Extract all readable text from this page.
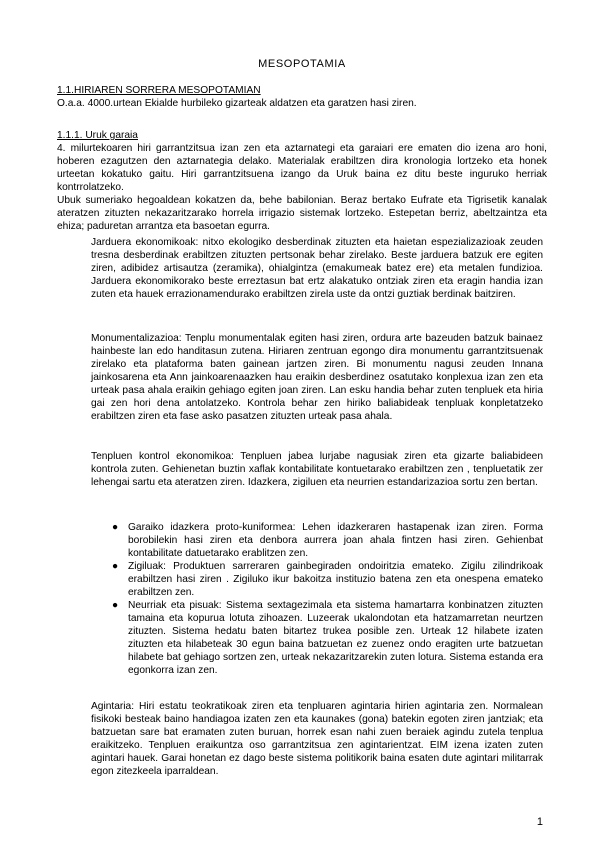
MESOPOTAMIA
1.1.HIRIAREN SORRERA MESOPOTAMIAN
O.a.a. 4000.urtean Ekialde hurbileko gizarteak aldatzen eta garatzen hasi ziren.
1.1.1. Uruk garaia
4. milurtekoaren hiri garrantzitsua izan zen eta aztarnategi eta garaiari ere ematen dio izena aro honi, hoberen ezagutzen den aztarnategia delako. Materialak erabiltzen dira kronologia lortzeko eta honek urteetan kokatuko gaitu. Hiri garrantzitsuena izango da Uruk baina ez ditu beste inguruko herriak kontrrolatzeko.
Ubuk sumeriako hegoaldean kokatzen da, behe babilonian. Beraz bertako Eufrate eta Tigrisetik kanalak ateratzen zituzten nekazaritzarako horrela irrigazio sistemak lortzeko. Estepetan berriz, abeltzaintza eta ehiza; paduretan arrantza eta basoetan egurra.
Jarduera ekonomikoak: nitxo ekologiko desberdinak zituzten eta haietan espezializazioak zeuden tresna desberdinak erabiltzen zituzten pertsonak behar zirelako. Beste jarduera batzuk ere egiten ziren, adibidez artisautza (zeramika), ohialgintza (emakumeak batez ere) eta metalen fundizioa. Jarduera ekonomikorako beste erreztasun bat ertz alakatuko ontziak ziren eta eragin handia izan zuten eta hauek errazionamendurako erabiltzen zirela uste da ontzi guztiak berdinak baitziren.
Monumentalizazioa: Tenplu monumentalak egiten hasi ziren, ordura arte bazeuden batzuk bainaez hainbeste lan edo handitasun zutena. Hiriaren zentruan egongo dira monumentu garrantzitsuenak zirelako eta plataforma baten gainean jartzen ziren. Bi monumentu nagusi zeuden Innana jainkosarena eta Ann jainkoarenaazken hau eraikin desberdinez osatutako konplexua izan zen eta urteak pasa ahala eraikin gehiago egiten joan ziren. Lan esku handia behar zuten tenpluek eta hiria gai zen hori dena antolatzeko. Kontrola behar zen hiriko baliabideak tenpluak konpletatzeko erabiltzen ziren eta fase asko pasatzen zituzten urteak pasa ahala.
Tenpluen kontrol ekonomikoa: Tenpluen jabea lurjabe nagusiak ziren eta gizarte baliabideen kontrola zuten. Gehienetan buztin xaflak kontabilitate kontuetarako erabiltzen zen , tenpluetatik zer lehengai sartu eta ateratzen ziren. Idazkera, zigiluen eta neurrien estandarizazioa sortu zen bertan.
● Garaiko idazkera proto-kuniformea: Lehen idazkeraren hastapenak izan ziren. Forma borobilekin hasi ziren eta denbora aurrera joan ahala fintzen hasi ziren. Gehienbat kontabilitate datuetarako erablitzen zen.
● Zigiluak: Produktuen sarreraren gainbegiraden ondoiritzia emateko. Zigilu zilindrikoak erabiltzen hasi ziren . Zigiluko ikur bakoitza instituzio batena zen eta onespena emateko erabiltzen zen.
● Neurriak eta pisuak: Sistema sextagezimala eta sistema hamartarra konbinatzen zituzten tamaina eta kopurua lotuta zihoazen. Luzeerak ukalondotan eta hatzamarretan neurtzen zituzten. Sistema hedatu baten bitartez trukea posible zen. Urteak 12 hilabete izaten zituzten eta hilabeteak 30 egun baina batzuetan ez zuenez ondo eragiten urte batzuetan hilabete bat gehiago sortzen zen, urteak nekazaritzarekin zuten lotura. Sistema estanda era egonkorra izan zen.
Agintaria: Hiri estatu teokratikoak ziren eta tenpluaren agintaria hirien agintaria zen. Normalean fisikoki besteak baino handiagoa izaten zen eta kaunakes (gona) batekin egoten ziren jantziak; eta batzuetan sare bat eramaten zuten buruan, horrek esan nahi zuen beraiek agindu zutela tenplua eraikitzeko. Tenpluen eraikuntza oso garrantzitsua zen agintarientzat. EIM izena izaten zuten agintari hauek. Garai honetan ez dago beste sistema politikorik baina esaten dute agintari militarrak egon zitezkeela iparraldean.
1
